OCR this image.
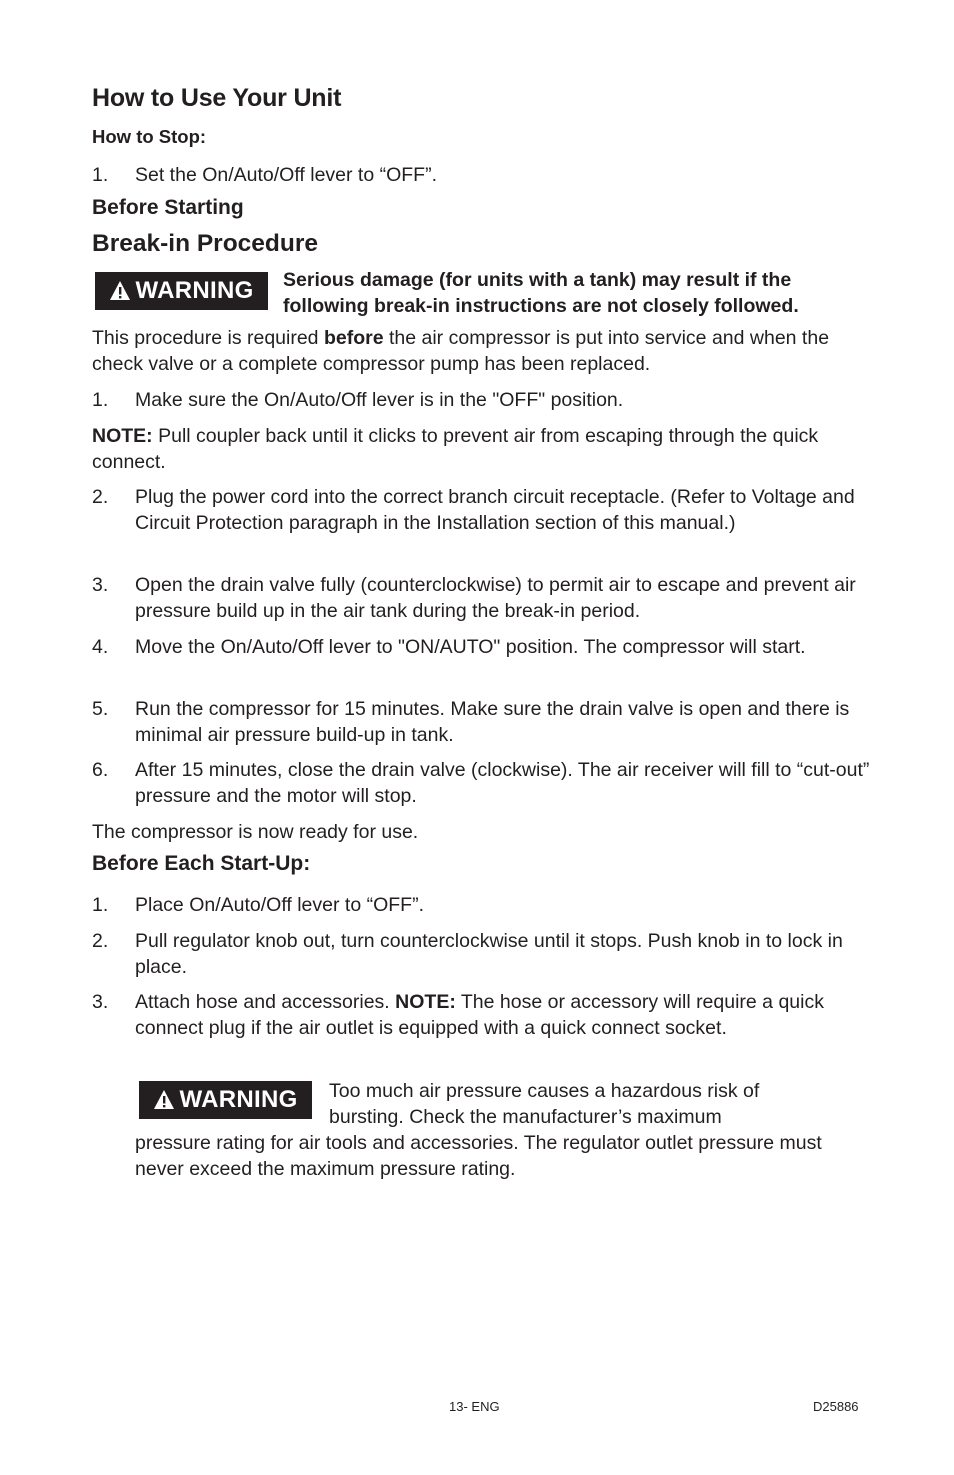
How to Use Your Unit
How to Stop:
1. Set the On/Auto/Off lever to “OFF”.
Before Starting
Break-in Procedure
WARNING Serious damage (for units with a tank) may result if the following break-in instructions are not closely followed.
This procedure is required before the air compressor is put into service and when the check valve or a complete compressor pump has been replaced.
1. Make sure the On/Auto/Off lever is in the "OFF" position.
NOTE: Pull coupler back until it clicks to prevent air from escaping through the quick connect.
2. Plug the power cord into the correct branch circuit receptacle. (Refer to Voltage and Circuit Protection paragraph in the Installation section of this manual.)
3. Open the drain valve fully (counterclockwise) to permit air to escape and prevent air pressure build up in the air tank during the break-in period.
4. Move the On/Auto/Off lever to "ON/AUTO" position. The compressor will start.
5. Run the compressor for 15 minutes. Make sure the drain valve is open and there is minimal air pressure build-up in tank.
6. After 15 minutes, close the drain valve (clockwise). The air receiver will fill to “cut-out” pressure and the motor will stop.
The compressor is now ready for use.
Before Each Start-Up:
1. Place On/Auto/Off lever to “OFF”.
2. Pull regulator knob out, turn counterclockwise until it stops. Push knob in to lock in place.
3. Attach hose and accessories. NOTE: The hose or accessory will require a quick connect plug if the air outlet is equipped with a quick connect socket.
WARNING Too much air pressure causes a hazardous risk of
bursting. Check the manufacturer’s maximum
pressure rating for air tools and accessories. The regulator outlet pressure must never exceed the maximum pressure rating.
13- ENG	D25886
